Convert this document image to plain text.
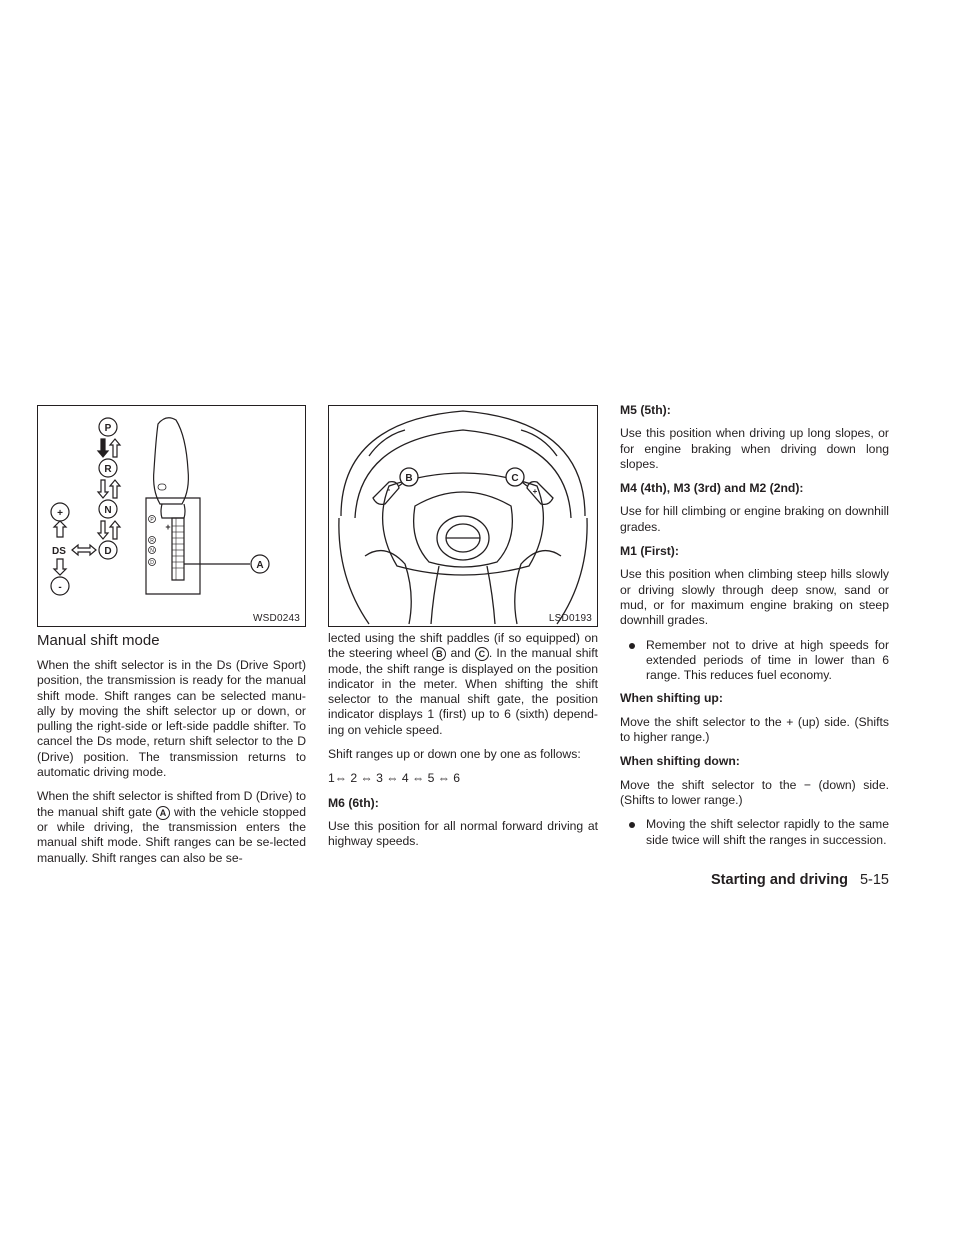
P
R
N
D
+
-
DS
A
+
P
R
N
D
WSD0243
B	C
-	+
LSD0193
Manual shift mode

When the shift selector is in the Ds (Drive Sport) position, the transmission is ready for the manual shift mode. Shift ranges can be selected manu-ally by moving the shift selector up or down, or pulling the right-side or left-side paddle shifter. To cancel the Ds mode, return shift selector to the D (Drive) position. The transmission returns to automatic driving mode.

When the shift selector is shifted from D (Drive) to the manual shift gate A with the vehicle stopped or while driving, the transmission enters the manual shift mode. Shift ranges can be se-lected manually. Shift ranges can also be se-

lected using the shift paddles (if so equipped) on the steering wheel B and C . In the manual shift mode, the shift range is displayed on the position indicator in the meter. When shifting the shift selector to the manual shift gate, the position indicator displays 1 (first) up to 6 (sixth) depend-ing on vehicle speed.

Shift ranges up or down one by one as follows:

1⇔ 2 ⇔ 3 ⇔ 4 ⇔ 5 ⇔ 6

M6 (6th):

Use this position for all normal forward driving at highway speeds.

M5 (5th):

Use this position when driving up long slopes, or for engine braking when driving down long slopes.

M4 (4th), M3 (3rd) and M2 (2nd):

Use for hill climbing or engine braking on downhill grades.

M1 (First):

Use this position when climbing steep hills slowly or driving slowly through deep snow, sand or mud, or for maximum engine braking on steep downhill grades.

Remember not to drive at high speeds for extended periods of time in lower than 6 range. This reduces fuel economy.
When shifting up:

Move the shift selector to the + (up) side. (Shifts to higher range.)

When shifting down:

Move the shift selector to the − (down) side. (Shifts to lower range.)

Moving the shift selector rapidly to the same side twice will shift the ranges in succession.
Starting and driving 5-15
